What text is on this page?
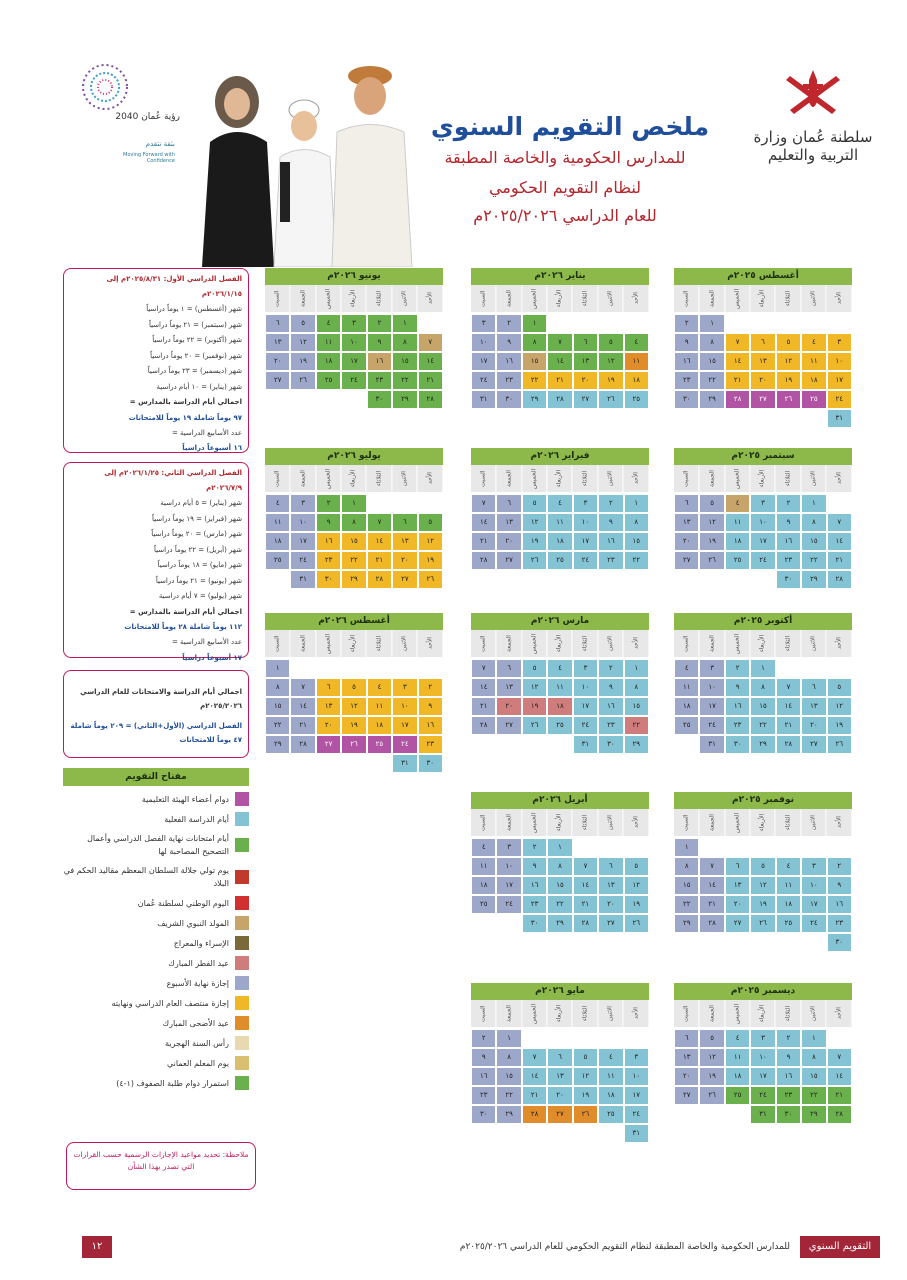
ملخص التقويم السنوي
للمدارس الحكومية والخاصة المطبقة
لنظام التقويم الحكومي
للعام الدراسي ٢٠٢٥/٢٠٢٦م
سلطنة عُمان وزارة التربية والتعليم
رؤية عُمان 2040
بثقة نتقدم
Moving Forward with Confidence
الفصل الدراسي الأول: ٢٠٢٥/٨/٣١م إلى ٢٠٢٦/١/١٥م
شهر (أغسطس) = ١ يوماً دراسياً
شهر (سبتمبر) = ٢١ يوماً دراسياً
شهر (أكتوبر) = ٢٢ يوماً دراسياً
شهر (نوفمبر) = ٢٠ يوماً دراسياً
شهر (ديسمبر) = ٢٣ يوماً دراسياً
شهر (يناير) = ١٠ أيام دراسية
اجمالي أيام الدراسة بالمدارس =
٩٧ يوماً شاملة ١٩ يوماً للامتحانات
عدد الأسابيع الدراسية =
١٦ أسبوعاً دراسياً
الفصل الدراسي الثاني: ٢٠٢٦/١/٢٥م إلى ٢٠٢٦/٧/٩م
شهر (يناير) = ٥ أيام دراسية
شهر (فبراير) = ١٩ يوماً دراسياً
شهر (مارس) = ٢٠ يوماً دراسياً
شهر (أبريل) = ٢٢ يوماً دراسياً
شهر (مايو) = ١٨ يوماً دراسياً
شهر (يونيو) = ٢١ يوماً دراسياً
شهر (يوليو) = ٧ أيام دراسية
اجمالي أيام الدراسة بالمدارس =
١١٢ يوماً شاملة ٢٨ يوماً للامتحانات
عدد الأسابيع الدراسية =
١٧ أسبوعاً دراسياً
اجمالي أيام الدراسة والامتحانات للعام الدراسي ٢٠٢٥/٢٠٢٦م
الفصل الدراسي (الأول+الثاني) = ٢٠٩ يوماً شاملة ٤٧ يوماً للامتحانات
مفتاح التقويم
دوام أعضاء الهيئة التعليمية
أيام الدراسة الفعلية
أيام امتحانات نهاية الفصل الدراسي وأعمال التصحيح المصاحبة لها
يوم تولي جلالة السلطان المعظم مقاليد الحكم في البلاد
اليوم الوطني لسلطنة عُمان
المولد النبوي الشريف
الإسراء والمعراج
عيد الفطر المبارك
إجازة نهاية الأسبوع
إجازة منتصف العام الدراسي ونهايته
عيد الأضحى المبارك
رأس السنة الهجرية
يوم المعلم العماني
استمرار دوام طلبة الصفوف (١-٤)
ملاحظة: تحديد مواعيد الإجازات الرسمية حسب القرارات التي تصدر بهذا الشأن
أغسطس ٢٠٢٥م
الأحد
الاثنين
الثلاثاء
الأربعاء
الخميس
الجمعة
السبت
١
٢
٣
٤
٥
٦
٧
٨
٩
١٠
١١
١٢
١٣
١٤
١٥
١٦
١٧
١٨
١٩
٢٠
٢١
٢٢
٢٣
٢٤
٢٥
٢٦
٢٧
٢٨
٢٩
٣٠
٣١
يناير ٢٠٢٦م
الأحد
الاثنين
الثلاثاء
الأربعاء
الخميس
الجمعة
السبت
١
٢
٣
٤
٥
٦
٧
٨
٩
١٠
١١
١٢
١٣
١٤
١٥
١٦
١٧
١٨
١٩
٢٠
٢١
٢٢
٢٣
٢٤
٢٥
٢٦
٢٧
٢٨
٢٩
٣٠
٣١
يونيو ٢٠٢٦م
الأحد
الاثنين
الثلاثاء
الأربعاء
الخميس
الجمعة
السبت
١
٢
٣
٤
٥
٦
٧
٨
٩
١٠
١١
١٢
١٣
١٤
١٥
١٦
١٧
١٨
١٩
٢٠
٢١
٢٢
٢٣
٢٤
٢٥
٢٦
٢٧
٢٨
٢٩
٣٠
سبتمبر ٢٠٢٥م
الأحد
الاثنين
الثلاثاء
الأربعاء
الخميس
الجمعة
السبت
١
٢
٣
٤
٥
٦
٧
٨
٩
١٠
١١
١٢
١٣
١٤
١٥
١٦
١٧
١٨
١٩
٢٠
٢١
٢٢
٢٣
٢٤
٢٥
٢٦
٢٧
٢٨
٢٩
٣٠
فبراير ٢٠٢٦م
الأحد
الاثنين
الثلاثاء
الأربعاء
الخميس
الجمعة
السبت
١
٢
٣
٤
٥
٦
٧
٨
٩
١٠
١١
١٢
١٣
١٤
١٥
١٦
١٧
١٨
١٩
٢٠
٢١
٢٢
٢٣
٢٤
٢٥
٢٦
٢٧
٢٨
يوليو ٢٠٢٦م
الأحد
الاثنين
الثلاثاء
الأربعاء
الخميس
الجمعة
السبت
١
٢
٣
٤
٥
٦
٧
٨
٩
١٠
١١
١٢
١٣
١٤
١٥
١٦
١٧
١٨
١٩
٢٠
٢١
٢٢
٢٣
٢٤
٢٥
٢٦
٢٧
٢٨
٢٩
٣٠
٣١
أكتوبر ٢٠٢٥م
الأحد
الاثنين
الثلاثاء
الأربعاء
الخميس
الجمعة
السبت
١
٢
٣
٤
٥
٦
٧
٨
٩
١٠
١١
١٢
١٣
١٤
١٥
١٦
١٧
١٨
١٩
٢٠
٢١
٢٢
٢٣
٢٤
٢٥
٢٦
٢٧
٢٨
٢٩
٣٠
٣١
مارس ٢٠٢٦م
الأحد
الاثنين
الثلاثاء
الأربعاء
الخميس
الجمعة
السبت
١
٢
٣
٤
٥
٦
٧
٨
٩
١٠
١١
١٢
١٣
١٤
١٥
١٦
١٧
١٨
١٩
٢٠
٢١
٢٢
٢٣
٢٤
٢٥
٢٦
٢٧
٢٨
٢٩
٣٠
٣١
أغسطس ٢٠٢٦م
الأحد
الاثنين
الثلاثاء
الأربعاء
الخميس
الجمعة
السبت
١
٢
٣
٤
٥
٦
٧
٨
٩
١٠
١١
١٢
١٣
١٤
١٥
١٦
١٧
١٨
١٩
٢٠
٢١
٢٢
٢٣
٢٤
٢٥
٢٦
٢٧
٢٨
٢٩
٣٠
٣١
نوفمبر ٢٠٢٥م
الأحد
الاثنين
الثلاثاء
الأربعاء
الخميس
الجمعة
السبت
١
٢
٣
٤
٥
٦
٧
٨
٩
١٠
١١
١٢
١٣
١٤
١٥
١٦
١٧
١٨
١٩
٢٠
٢١
٢٢
٢٣
٢٤
٢٥
٢٦
٢٧
٢٨
٢٩
٣٠
أبريل ٢٠٢٦م
الأحد
الاثنين
الثلاثاء
الأربعاء
الخميس
الجمعة
السبت
١
٢
٣
٤
٥
٦
٧
٨
٩
١٠
١١
١٢
١٣
١٤
١٥
١٦
١٧
١٨
١٩
٢٠
٢١
٢٢
٢٣
٢٤
٢٥
٢٦
٢٧
٢٨
٢٩
٣٠
ديسمبر ٢٠٢٥م
الأحد
الاثنين
الثلاثاء
الأربعاء
الخميس
الجمعة
السبت
١
٢
٣
٤
٥
٦
٧
٨
٩
١٠
١١
١٢
١٣
١٤
١٥
١٦
١٧
١٨
١٩
٢٠
٢١
٢٢
٢٣
٢٤
٢٥
٢٦
٢٧
٢٨
٢٩
٣٠
٣١
مايو ٢٠٢٦م
الأحد
الاثنين
الثلاثاء
الأربعاء
الخميس
الجمعة
السبت
١
٢
٣
٤
٥
٦
٧
٨
٩
١٠
١١
١٢
١٣
١٤
١٥
١٦
١٧
١٨
١٩
٢٠
٢١
٢٢
٢٣
٢٤
٢٥
٢٦
٢٧
٢٨
٢٩
٣٠
٣١
التقويم السنوي
للمدارس الحكومية والخاصة المطبقة لنظام التقويم الحكومي للعام الدراسي ٢٠٢٥/٢٠٢٦م
١٢
